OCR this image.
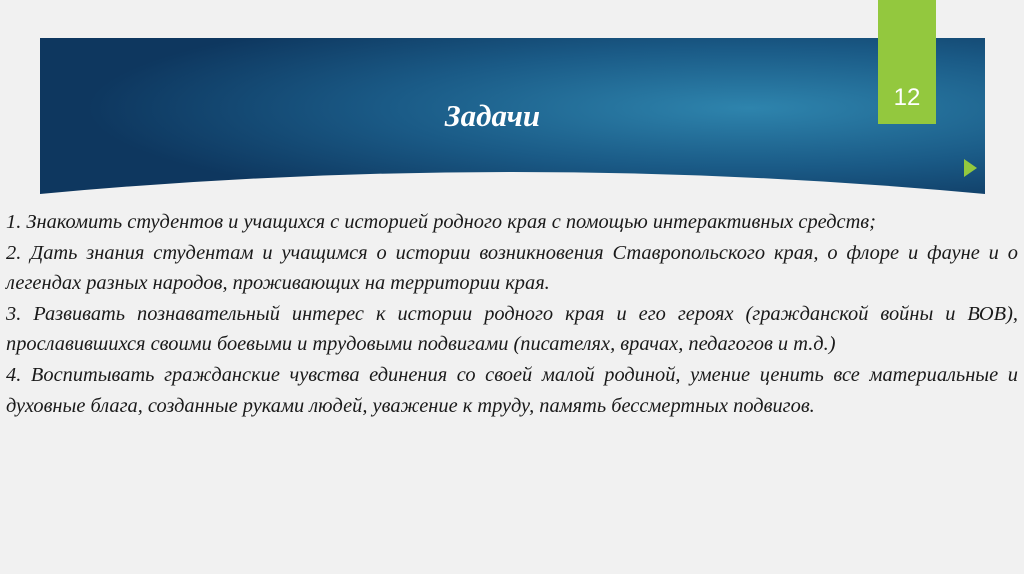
12
Задачи

1. Знакомить студентов и учащихся с историей родного края с помощью интерактивных средств;

2. Дать знания студентам и учащимся о истории возникновения Ставропольского края, о флоре и фауне и о легендах разных народов, проживающих на территории края.

3. Развивать познавательный интерес к истории родного края и его героях (гражданской войны и ВОВ), прославившихся своими боевыми и трудовыми подвигами (писателях, врачах, педагогов и т.д.)

4. Воспитывать гражданские чувства единения со своей малой родиной, умение ценить все материальные и духовные блага, созданные руками людей, уважение к труду, память бессмертных подвигов.
